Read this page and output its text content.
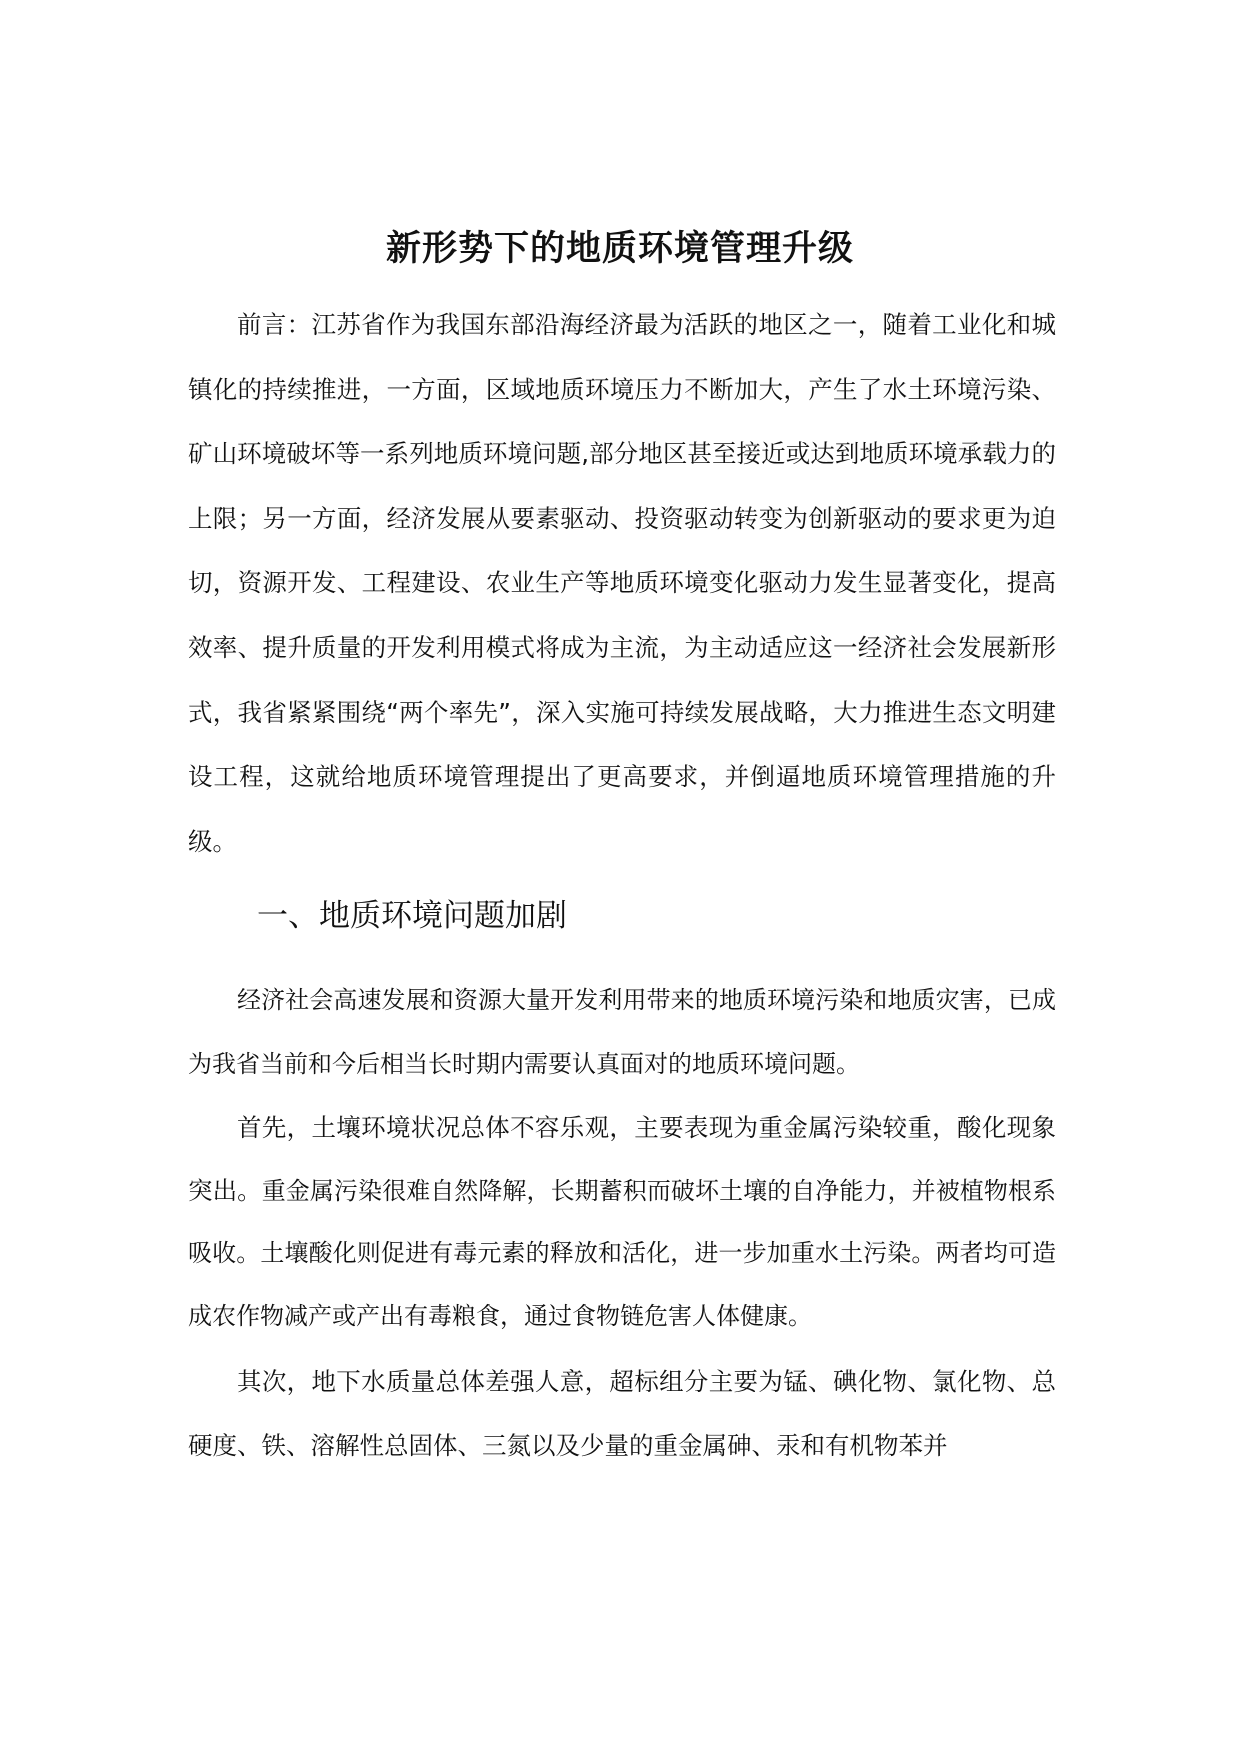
新形势下的地质环境管理升级

前言：江苏省作为我国东部沿海经济最为活跃的地区之一，随着工业化和城镇化的持续推进，一方面，区域地质环境压力不断加大，产生了水土环境污染、矿山环境破坏等一系列地质环境问题,部分地区甚至接近或达到地质环境承载力的上限；另一方面，经济发展从要素驱动、投资驱动转变为创新驱动的要求更为迫切，资源开发、工程建设、农业生产等地质环境变化驱动力发生显著变化，提高效率、提升质量的开发利用模式将成为主流，为主动适应这一经济社会发展新形式，我省紧紧围绕“两个率先”，深入实施可持续发展战略，大力推进生态文明建设工程，这就给地质环境管理提出了更高要求，并倒逼地质环境管理措施的升级。

一、地质环境问题加剧

经济社会高速发展和资源大量开发利用带来的地质环境污染和地质灾害，已成为我省当前和今后相当长时期内需要认真面对的地质环境问题。

首先，土壤环境状况总体不容乐观，主要表现为重金属污染较重，酸化现象突出。重金属污染很难自然降解，长期蓄积而破坏土壤的自净能力，并被植物根系吸收。土壤酸化则促进有毒元素的释放和活化，进一步加重水土污染。两者均可造成农作物减产或产出有毒粮食，通过食物链危害人体健康。

其次，地下水质量总体差强人意，超标组分主要为锰、碘化物、氯化物、总硬度、铁、溶解性总固体、三氮以及少量的重金属砷、汞和有机物苯并
